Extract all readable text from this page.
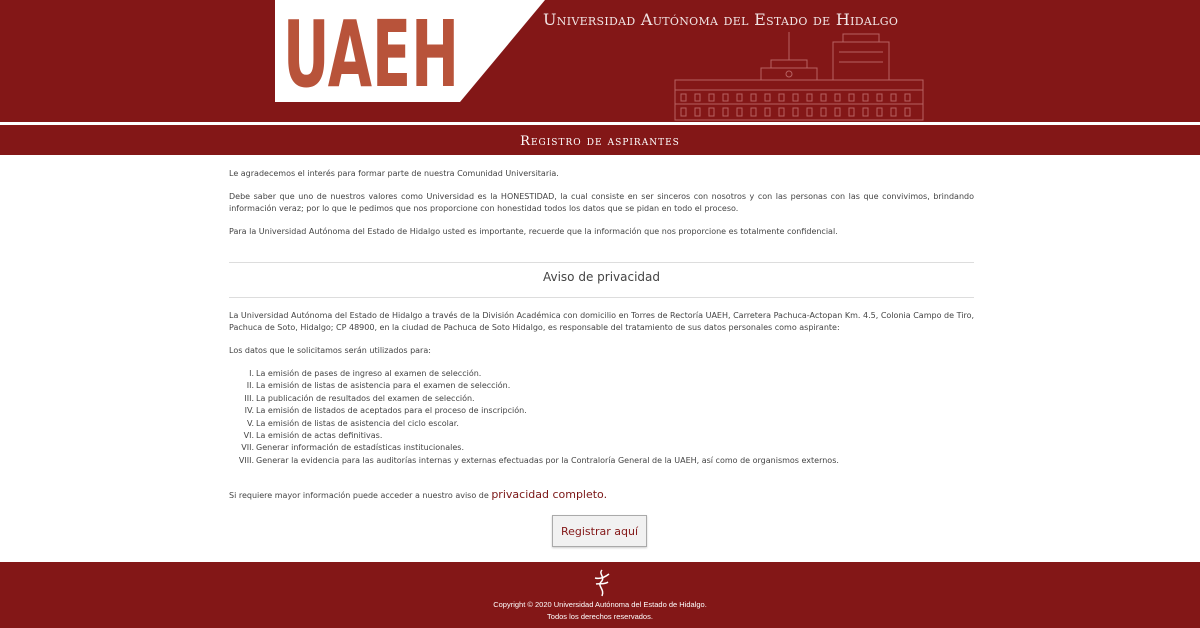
UAEH	Universidad Autónoma del Estado de Hidalgo
Registro de aspirantes

Le agradecemos el interés para formar parte de nuestra Comunidad Universitaria.

Debe saber que uno de nuestros valores como Universidad es la HONESTIDAD, la cual consiste en ser sinceros con nosotros y con las personas con las que convivimos, brindando información veraz; por lo que le pedimos que nos proporcione con honestidad todos los datos que se pidan en todo el proceso.

Para la Universidad Autónoma del Estado de Hidalgo usted es importante, recuerde que la información que nos proporcione es totalmente confidencial.

Aviso de privacidad

La Universidad Autónoma del Estado de Hidalgo a través de la División Académica con domicilio en Torres de Rectoría UAEH, Carretera Pachuca-Actopan Km. 4.5, Colonia Campo de Tiro, Pachuca de Soto, Hidalgo; CP 48900, en la ciudad de Pachuca de Soto Hidalgo, es responsable del tratamiento de sus datos personales como aspirante:

Los datos que le solicitamos serán utilizados para:
I. La emisión de pases de ingreso al examen de selección.
II. La emisión de listas de asistencia para el examen de selección.
III. La publicación de resultados del examen de selección.
IV. La emisión de listados de aceptados para el proceso de inscripción.
V. La emisión de listas de asistencia del ciclo escolar.
VI. La emisión de actas definitivas.
VII. Generar información de estadísticas institucionales.
VIII. Generar la evidencia para las auditorías internas y externas efectuadas por la Contraloría General de la UAEH, así como de organismos externos.
Si requiere mayor información puede acceder a nuestro aviso de privacidad completo.
Registrar aquí
Copyright © 2020 Universidad Autónoma del Estado de Hidalgo.
Todos los derechos reservados.
